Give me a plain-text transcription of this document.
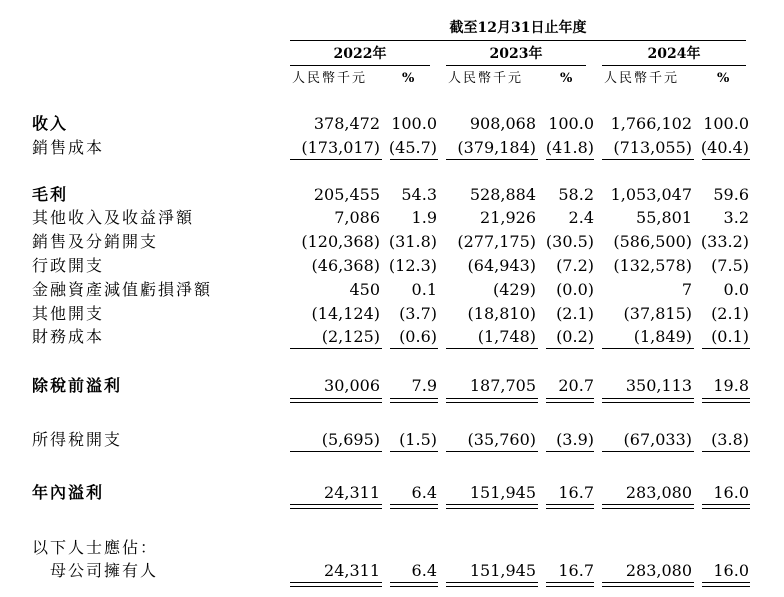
截至12月31日止年度
2022年	2023年	2024年
人民幣千元	%	人民幣千元	% 人民幣千元	%
收入	378,472 100.0	908,068 100.0	1,766,102 100.0
銷售成本	(173,017) (45.7)	(379,184) (41.8)	(713,055) (40.4)
毛利	205,455	54.3	528,884	58.2	1,053,047	59.6
其他收入及收益淨額	7,086	1.9	21,926	2.4	55,801	3.2
銷售及分銷開支	(120,368) (31.8)	(277,175) (30.5)	(586,500) (33.2)
行政開支	(46,368) (12.3)	(64,943)	(7.2)	(132,578)	(7.5)
金融資產減值虧損淨額	450	0.1	(429)	(0.0)	7	0.0
其他開支	(14,124)	(3.7)	(18,810)	(2.1)	(37,815)	(2.1)
財務成本	(2,125)	(0.6)	(1,748)	(0.2)	(1,849)	(0.1)
除稅前溢利	30,006	7.9	187,705	20.7	350,113	19.8
所得稅開支	(5,695)	(1.5)	(35,760)	(3.9)	(67,033)	(3.8)
年內溢利	24,311	6.4	151,945	16.7	283,080	16.0
以下人士應佔：
母公司擁有人	24,311	6.4	151,945	16.7	283,080	16.0
